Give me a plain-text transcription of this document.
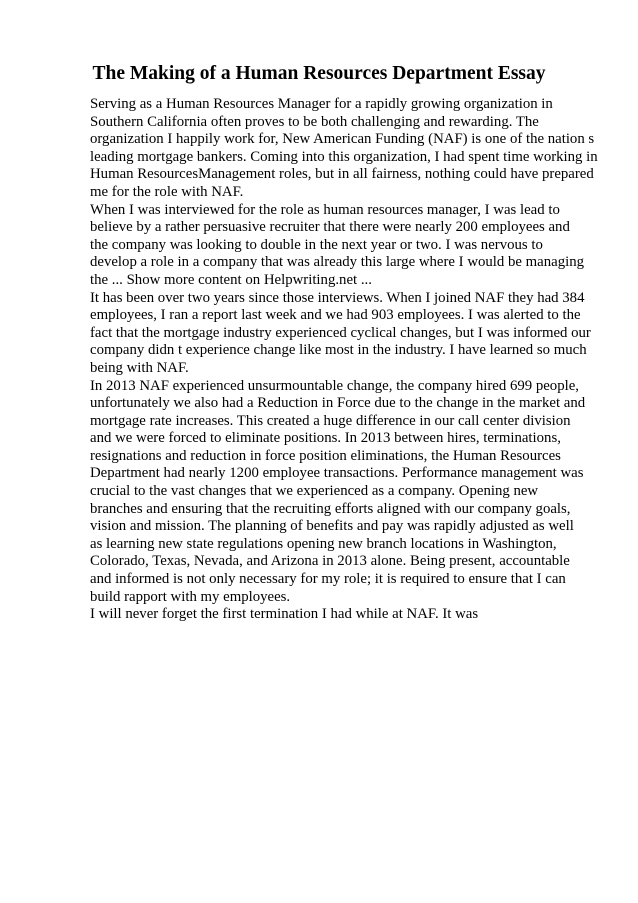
The Making of a Human Resources Department Essay
Serving as a Human Resources Manager for a rapidly growing organization in
Southern California often proves to be both challenging and rewarding. The
organization I happily work for, New American Funding (NAF) is one of the nation s
leading mortgage bankers. Coming into this organization, I had spent time working in
Human ResourcesManagement roles, but in all fairness, nothing could have prepared
me for the role with NAF.
When I was interviewed for the role as human resources manager, I was lead to
believe by a rather persuasive recruiter that there were nearly 200 employees and
the company was looking to double in the next year or two. I was nervous to
develop a role in a company that was already this large where I would be managing
the ... Show more content on Helpwriting.net ...
It has been over two years since those interviews. When I joined NAF they had 384
employees, I ran a report last week and we had 903 employees. I was alerted to the
fact that the mortgage industry experienced cyclical changes, but I was informed our
company didn t experience change like most in the industry. I have learned so much
being with NAF.
In 2013 NAF experienced unsurmountable change, the company hired 699 people,
unfortunately we also had a Reduction in Force due to the change in the market and
mortgage rate increases. This created a huge difference in our call center division
and we were forced to eliminate positions. In 2013 between hires, terminations,
resignations and reduction in force position eliminations, the Human Resources
Department had nearly 1200 employee transactions. Performance management was
crucial to the vast changes that we experienced as a company. Opening new
branches and ensuring that the recruiting efforts aligned with our company goals,
vision and mission. The planning of benefits and pay was rapidly adjusted as well
as learning new state regulations opening new branch locations in Washington,
Colorado, Texas, Nevada, and Arizona in 2013 alone. Being present, accountable
and informed is not only necessary for my role; it is required to ensure that I can
build rapport with my employees.
I will never forget the first termination I had while at NAF. It was
